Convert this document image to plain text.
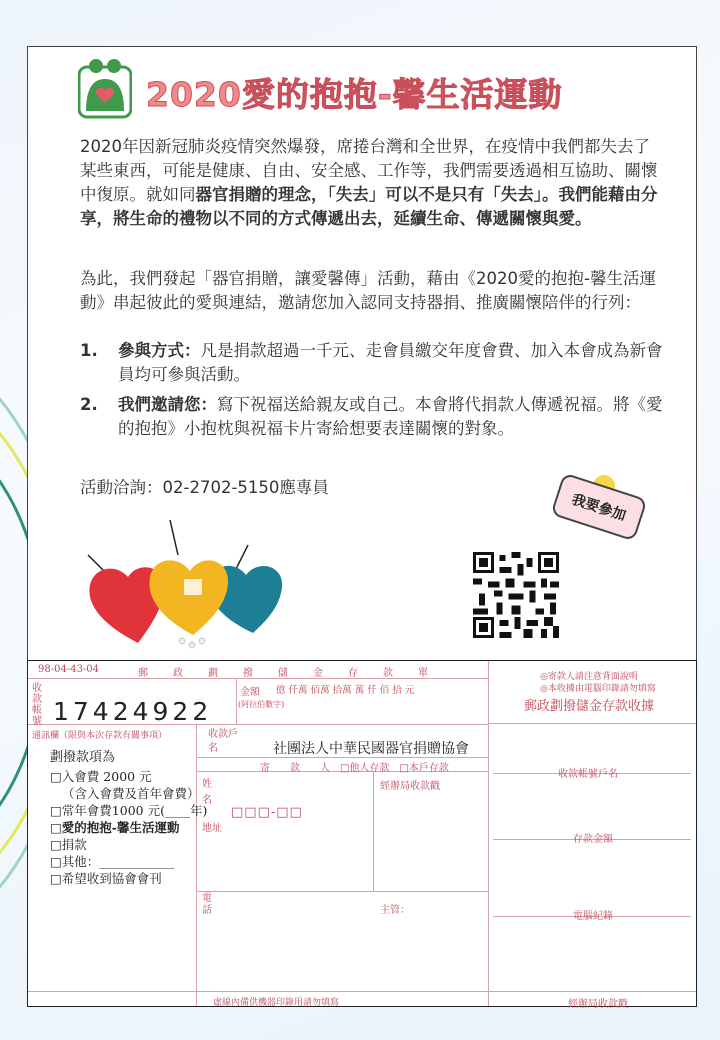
2020愛的抱抱-馨生活運動

2020年因新冠肺炎疫情突然爆發，席捲台灣和全世界，在疫情中我們都失去了某些東西，可能是健康、自由、安全感、工作等，我們需要透過相互協助、關懷中復原。就如同器官捐贈的理念，「失去」可以不是只有「失去」。我們能藉由分享，將生命的禮物以不同的方式傳遞出去，延續生命、傳遞關懷與愛。

為此，我們發起「器官捐贈，讓愛馨傳」活動，藉由《2020愛的抱抱-馨生活運動》串起彼此的愛與連結，邀請您加入認同支持器捐、推廣關懷陪伴的行列：

1. 參與方式：凡是捐款超過一千元、走會員繳交年度會費、加入本會成為新會員均可參與活動。
2. 我們邀請您：寫下祝福送給親友或自己。本會將代捐款人傳遞祝福。將《愛的抱抱》小抱枕與祝福卡片寄給想要表達關懷的對象。
活動洽詢：02-2702-5150應專員
我要參加
98-04-43-04	郵	政	劃	撥	儲	金	存	款	單
收款帳號 17424922
金額
(阿拉伯數字)
億 仟萬 佰萬 拾萬 萬 仟 佰 拾 元
通訊欄（限與本次存款有關事項）	收款戶名	社團法人中華民國器官捐贈協會
寄　　 款　　 人　 □他人存款　 □本戶存款
姓名
地址
電話
□□□-□□
經辦局收款戳
主管：
虛線內備供機器印錄用請勿填寫
劃撥款項為
□入會費 2000 元
（含入會費及首年會費）
□常年會費1000 元(____年)
□愛的抱抱-馨生活運動
□捐款
□其他：____________
□希望收到協會會刊
◎寄款人請注意背面說明
◎本收據由電腦印錄請勿填寫
郵政劃撥儲金存款收據
收款帳號戶名
存款金額
電腦紀錄
經辦局收款戳
